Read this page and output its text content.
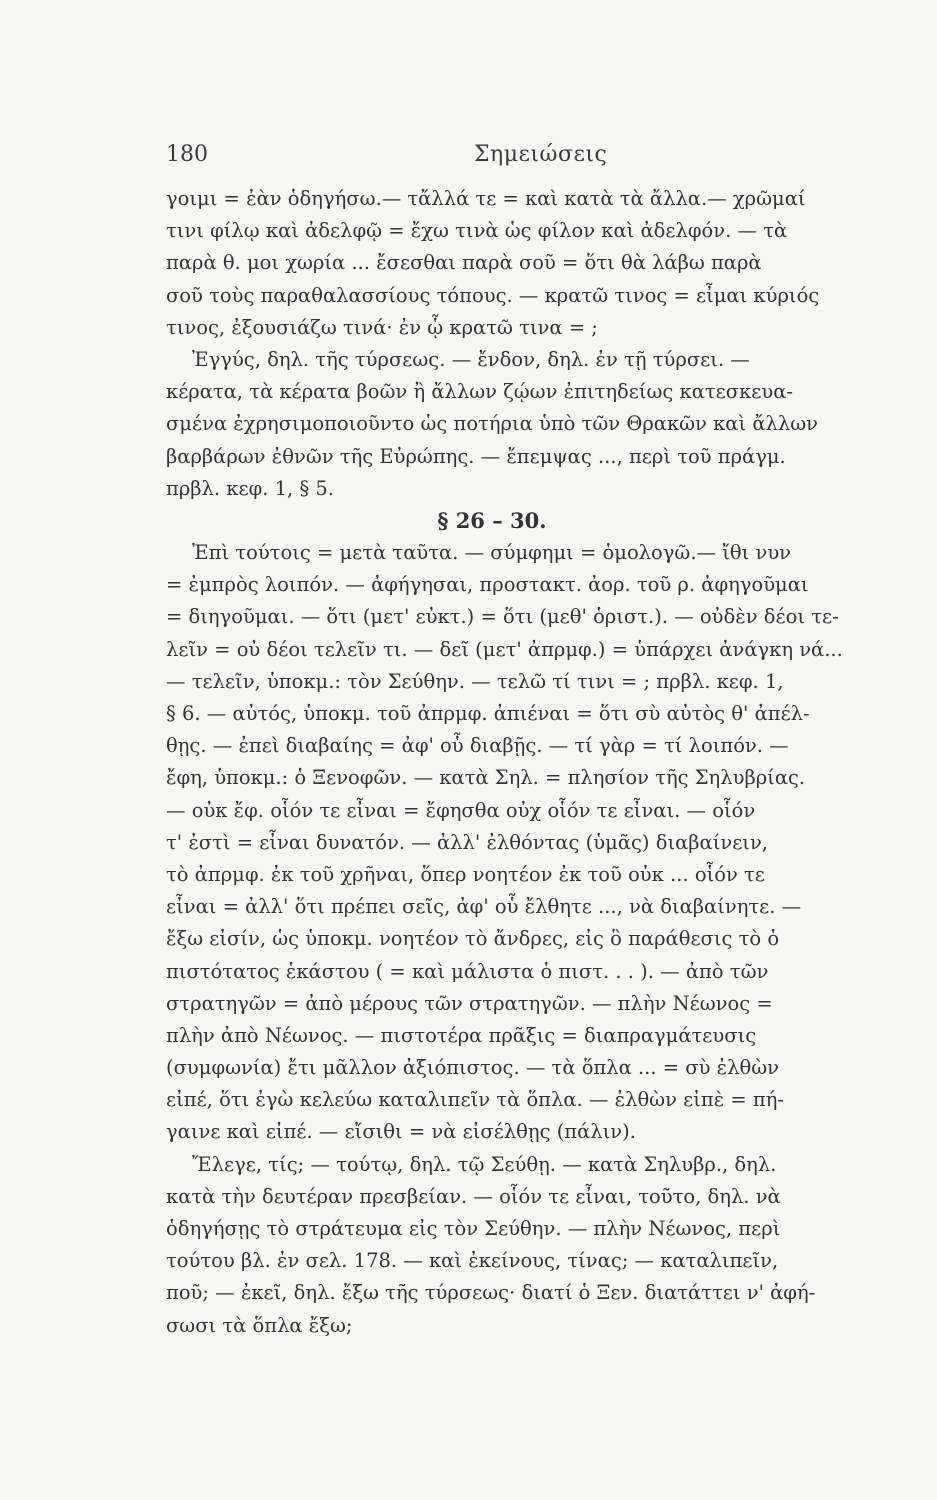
180	Σημειώσεις
γοιμι = ἐὰν ὁδηγήσω.— τἄλλά τε = καὶ κατὰ τὰ ἄλλα.— χρῶμαί
τινι φίλῳ καὶ ἀδελφῷ = ἔχω τινὰ ὡς φίλον καὶ ἀδελφόν. — τὰ
παρὰ θ. μοι χωρία ... ἔσεσθαι παρὰ σοῦ = ὅτι θὰ λάβω παρὰ
σοῦ τοὺς παραθαλασσίους τόπους. — κρατῶ τινος = εἶμαι κύριός
τινος, ἐξουσιάζω τινά· ἐν ᾧ κρατῶ τινα = ;
Ἐγγύς, δηλ. τῆς τύρσεως. — ἔνδον, δηλ. ἐν τῇ τύρσει. —
κέρατα, τὰ κέρατα βοῶν ἢ ἄλλων ζῴων ἐπιτηδείως κατεσκευα-
σμένα ἐχρησιμοποιοῦντο ὡς ποτήρια ὑπὸ τῶν Θρακῶν καὶ ἄλλων
βαρβάρων ἐθνῶν τῆς Εὐρώπης. — ἔπεμψας ..., περὶ τοῦ πράγμ.
πρβλ. κεφ. 1, § 5.
§ 26 – 30.
Ἐπὶ τούτοις = μετὰ ταῦτα. — σύμφημι = ὁμολογῶ.— ἴθι νυν
= ἐμπρὸς λοιπόν. — ἀφήγησαι, προστακτ. ἀορ. τοῦ ρ. ἀφηγοῦμαι
= διηγοῦμαι. — ὅτι (μετ' εὐκτ.) = ὅτι (μεθ' ὁριστ.). — οὐδὲν δέοι τε-
λεῖν = οὐ δέοι τελεῖν τι. — δεῖ (μετ' ἀπρμφ.) = ὑπάρχει ἀνάγκη νά...
— τελεῖν, ὑποκμ.: τὸν Σεύθην. — τελῶ τί τινι = ; πρβλ. κεφ. 1,
§ 6. — αὐτός, ὑποκμ. τοῦ ἀπρμφ. ἀπιέναι = ὅτι σὺ αὐτὸς θ' ἀπέλ-
θῃς. — ἐπεὶ διαβαίης = ἀφ' οὗ διαβῇς. — τί γὰρ = τί λοιπόν. —
ἔφη, ὑποκμ.: ὁ Ξενοφῶν. — κατὰ Σηλ. = πλησίον τῆς Σηλυβρίας.
— οὐκ ἔφ. οἷόν τε εἶναι = ἔφησθα οὐχ οἷόν τε εἶναι. — οἷόν
τ' ἐστὶ = εἶναι δυνατόν. — ἀλλ' ἐλθόντας (ὑμᾶς) διαβαίνειν,
τὸ ἀπρμφ. ἐκ τοῦ χρῆναι, ὅπερ νοητέον ἐκ τοῦ οὐκ ... οἷόν τε
εἶναι = ἀλλ' ὅτι πρέπει σεῖς, ἀφ' οὗ ἔλθητε ..., νὰ διαβαίνητε. —
ἔξω εἰσίν, ὡς ὑποκμ. νοητέον τὸ ἄνδρες, εἰς ὃ παράθεσις τὸ ὁ
πιστότατος ἑκάστου ( = καὶ μάλιστα ὁ πιστ. . . ). — ἀπὸ τῶν
στρατηγῶν = ἀπὸ μέρους τῶν στρατηγῶν. — πλὴν Νέωνος =
πλὴν ἀπὸ Νέωνος. — πιστοτέρα πρᾶξις = διαπραγμάτευσις
(συμφωνία) ἔτι μᾶλλον ἀξιόπιστος. — τὰ ὅπλα ... = σὺ ἐλθὼν
εἰπέ, ὅτι ἐγὼ κελεύω καταλιπεῖν τὰ ὅπλα. — ἐλθὼν εἰπὲ = πή-
γαινε καὶ εἰπέ. — εἴσιθι = νὰ εἰσέλθῃς (πάλιν).
Ἔλεγε, τίς; — τούτῳ, δηλ. τῷ Σεύθῃ. — κατὰ Σηλυβρ., δηλ.
κατὰ τὴν δευτέραν πρεσβείαν. — οἷόν τε εἶναι, τοῦτο, δηλ. νὰ
ὁδηγήσῃς τὸ στράτευμα εἰς τὸν Σεύθην. — πλὴν Νέωνος, περὶ
τούτου βλ. ἐν σελ. 178. — καὶ ἐκείνους, τίνας; — καταλιπεῖν,
ποῦ; — ἐκεῖ, δηλ. ἔξω τῆς τύρσεως· διατί ὁ Ξεν. διατάττει ν' ἀφή-
σωσι τὰ ὅπλα ἔξω;
